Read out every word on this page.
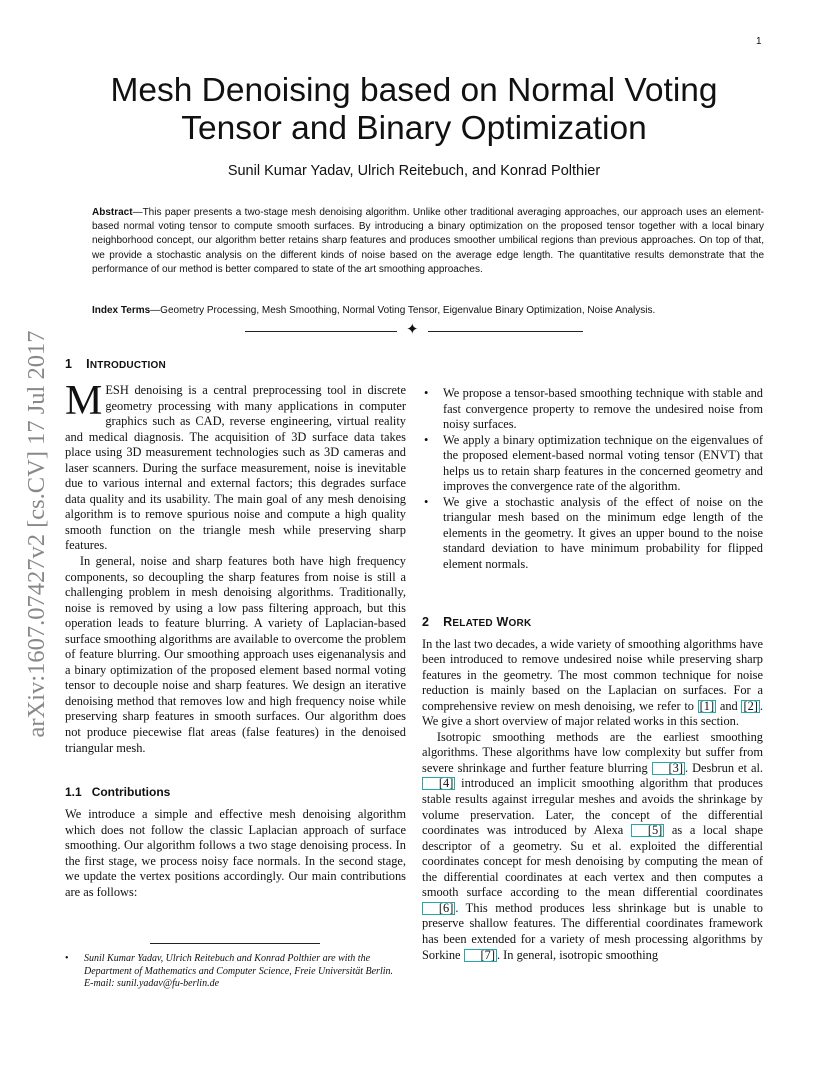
1
arXiv:1607.07427v2 [cs.CV] 17 Jul 2017
Mesh Denoising based on Normal Voting Tensor and Binary Optimization
Sunil Kumar Yadav, Ulrich Reitebuch, and Konrad Polthier
Abstract—This paper presents a two-stage mesh denoising algorithm. Unlike other traditional averaging approaches, our approach uses an element-based normal voting tensor to compute smooth surfaces. By introducing a binary optimization on the proposed tensor together with a local binary neighborhood concept, our algorithm better retains sharp features and produces smoother umbilical regions than previous approaches. On top of that, we provide a stochastic analysis on the different kinds of noise based on the average edge length. The quantitative results demonstrate that the performance of our method is better compared to state of the art smoothing approaches.
Index Terms—Geometry Processing, Mesh Smoothing, Normal Voting Tensor, Eigenvalue Binary Optimization, Noise Analysis.
✦
1 INTRODUCTION

MESH denoising is a central preprocessing tool in discrete geometry processing with many applications in computer graphics such as CAD, reverse engineering, virtual reality and medical diagnosis. The acquisition of 3D surface data takes place using 3D measurement technologies such as 3D cameras and laser scanners. During the surface measurement, noise is inevitable due to various internal and external factors; this degrades surface data quality and its usability. The main goal of any mesh denoising algorithm is to remove spurious noise and compute a high quality smooth function on the triangle mesh while preserving sharp features.

In general, noise and sharp features both have high frequency components, so decoupling the sharp features from noise is still a challenging problem in mesh denoising algorithms. Traditionally, noise is removed by using a low pass filtering approach, but this operation leads to feature blurring. A variety of Laplacian-based surface smoothing algorithms are available to overcome the problem of feature blurring. Our smoothing approach uses eigenanalysis and a binary optimization of the proposed element based normal voting tensor to decouple noise and sharp features. We design an iterative denoising method that removes low and high frequency noise while preserving sharp features in smooth surfaces. Our algorithm does not produce piecewise flat areas (false features) in the denoised triangular mesh.

1.1 Contributions

We introduce a simple and effective mesh denoising algorithm which does not follow the classic Laplacian approach of surface smoothing. Our algorithm follows a two stage denoising process. In the first stage, we process noisy face normals. In the second stage, we update the vertex positions accordingly. Our main contributions are as follows:

• Sunil Kumar Yadav, Ulrich Reitebuch and Konrad Polthier are with the Department of Mathematics and Computer Science, Freie Universität Berlin.
E-mail: sunil.yadav@fu-berlin.de
• We propose a tensor-based smoothing technique with stable and fast convergence property to remove the undesired noise from noisy surfaces.
• We apply a binary optimization technique on the eigenvalues of the proposed element-based normal voting tensor (ENVT) that helps us to retain sharp features in the concerned geometry and improves the convergence rate of the algorithm.
• We give a stochastic analysis of the effect of noise on the triangular mesh based on the minimum edge length of the elements in the geometry. It gives an upper bound to the noise standard deviation to have minimum probability for flipped element normals.
2 RELATED WORK

In the last two decades, a wide variety of smoothing algorithms have been introduced to remove undesired noise while preserving sharp features in the geometry. The most common technique for noise reduction is mainly based on the Laplacian on surfaces. For a comprehensive review on mesh denoising, we refer to [1] and [2] . We give a short overview of major related works in this section.

Isotropic smoothing methods are the earliest smoothing algorithms. These algorithms have low complexity but suffer from severe shrinkage and further feature blurring [3] . Desbrun et al. [4] introduced an implicit smoothing algorithm that produces stable results against irregular meshes and avoids the shrinkage by volume preservation. Later, the concept of the differential coordinates was introduced by Alexa [5] as a local shape descriptor of a geometry. Su et al. exploited the differential coordinates concept for mesh denoising by computing the mean of the differential coordinates at each vertex and then computes a smooth surface according to the mean differential coordinates [6] . This method produces less shrinkage but is unable to preserve shallow features. The differential coordinates framework has been extended for a variety of mesh processing algorithms by Sorkine [7] . In general, isotropic smoothing
